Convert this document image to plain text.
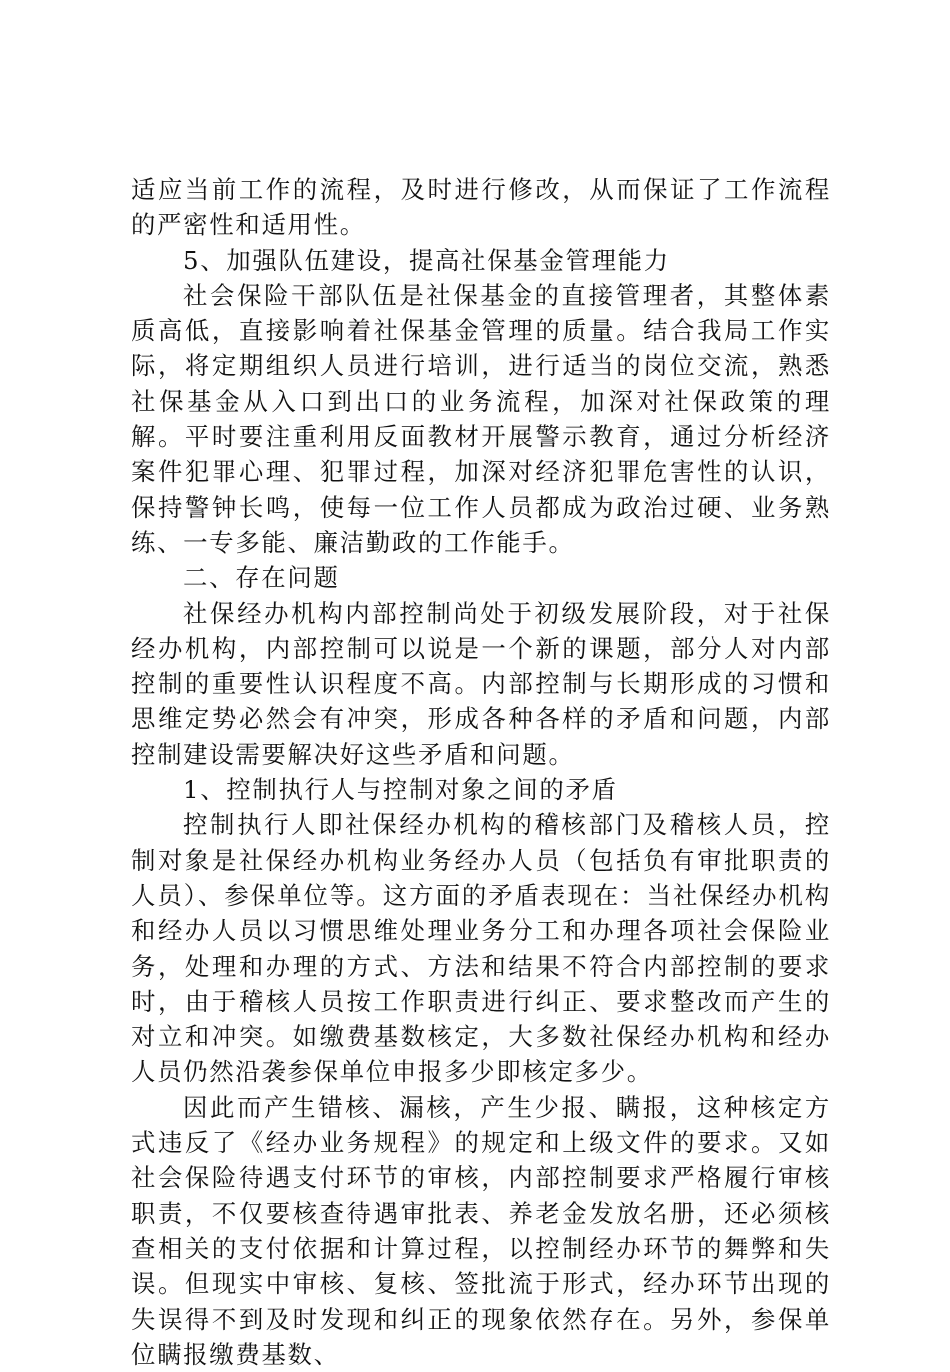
适应当前工作的流程，及时进行修改，从而保证了工作流程的严密性和适用性。

5、加强队伍建设，提高社保基金管理能力

社会保险干部队伍是社保基金的直接管理者，其整体素质高低，直接影响着社保基金管理的质量。结合我局工作实际，将定期组织人员进行培训，进行适当的岗位交流，熟悉社保基金从入口到出口的业务流程，加深对社保政策的理解。平时要注重利用反面教材开展警示教育，通过分析经济案件犯罪心理、犯罪过程，加深对经济犯罪危害性的认识，保持警钟长鸣，使每一位工作人员都成为政治过硬、业务熟练、一专多能、廉洁勤政的工作能手。

二、存在问题

社保经办机构内部控制尚处于初级发展阶段，对于社保经办机构，内部控制可以说是一个新的课题，部分人对内部控制的重要性认识程度不高。内部控制与长期形成的习惯和思维定势必然会有冲突，形成各种各样的矛盾和问题，内部控制建设需要解决好这些矛盾和问题。

1、控制执行人与控制对象之间的矛盾

控制执行人即社保经办机构的稽核部门及稽核人员，控制对象是社保经办机构业务经办人员（包括负有审批职责的人员）、参保单位等。这方面的矛盾表现在：当社保经办机构和经办人员以习惯思维处理业务分工和办理各项社会保险业务，处理和办理的方式、方法和结果不符合内部控制的要求时，由于稽核人员按工作职责进行纠正、要求整改而产生的对立和冲突。如缴费基数核定，大多数社保经办机构和经办人员仍然沿袭参保单位申报多少即核定多少。

因此而产生错核、漏核，产生少报、瞒报，这种核定方式违反了《经办业务规程》的规定和上级文件的要求。又如社会保险待遇支付环节的审核，内部控制要求严格履行审核职责，不仅要核查待遇审批表、养老金发放名册，还必须核查相关的支付依据和计算过程，以控制经办环节的舞弊和失误。但现实中审核、复核、签批流于形式，经办环节出现的失误得不到及时发现和纠正的现象依然存在。另外，参保单位瞒报缴费基数、
